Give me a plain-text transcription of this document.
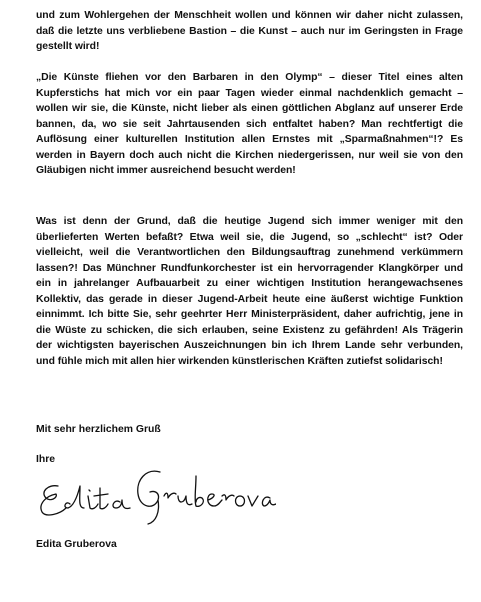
und zum Wohlergehen der Menschheit wollen und können wir daher nicht zulassen, daß die letzte uns verbliebene Bastion – die Kunst – auch nur im Geringsten in Frage gestellt wird!

„Die Künste fliehen vor den Barbaren in den Olymp“ – dieser Titel eines alten Kupferstichs hat mich vor ein paar Tagen wieder einmal nachdenklich gemacht – wollen wir sie, die Künste, nicht lieber als einen göttlichen Abglanz auf unserer Erde bannen, da, wo sie seit Jahrtausenden sich entfaltet haben? Man rechtfertigt die Auflösung einer kulturellen Institution allen Ernstes mit „Sparmaßnahmen“!? Es werden in Bayern doch auch nicht die Kirchen niedergerissen, nur weil sie von den Gläubigen nicht immer ausreichend besucht werden!

Was ist denn der Grund, daß die heutige Jugend sich immer weniger mit den überlieferten Werten befaßt? Etwa weil sie, die Jugend, so „schlecht“ ist? Oder vielleicht, weil die Verantwortlichen den Bildungsauftrag zunehmend verkümmern lassen?! Das Münchner Rundfunkorchester ist ein hervorragender Klangkörper und ein in jahrelanger Aufbauarbeit zu einer wichtigen Institution herangewachsenes Kollektiv, das gerade in dieser Jugend-Arbeit heute eine äußerst wichtige Funktion einnimmt. Ich bitte Sie, sehr geehrter Herr Ministerpräsident, daher aufrichtig, jene in die Wüste zu schicken, die sich erlauben, seine Existenz zu gefährden! Als Trägerin der wichtigsten bayerischen Auszeichnungen bin ich Ihrem Lande sehr verbunden, und fühle mich mit allen hier wirkenden künstlerischen Kräften zutiefst solidarisch!

Mit sehr herzlichem Gruß

Ihre

Edita Gruberova
